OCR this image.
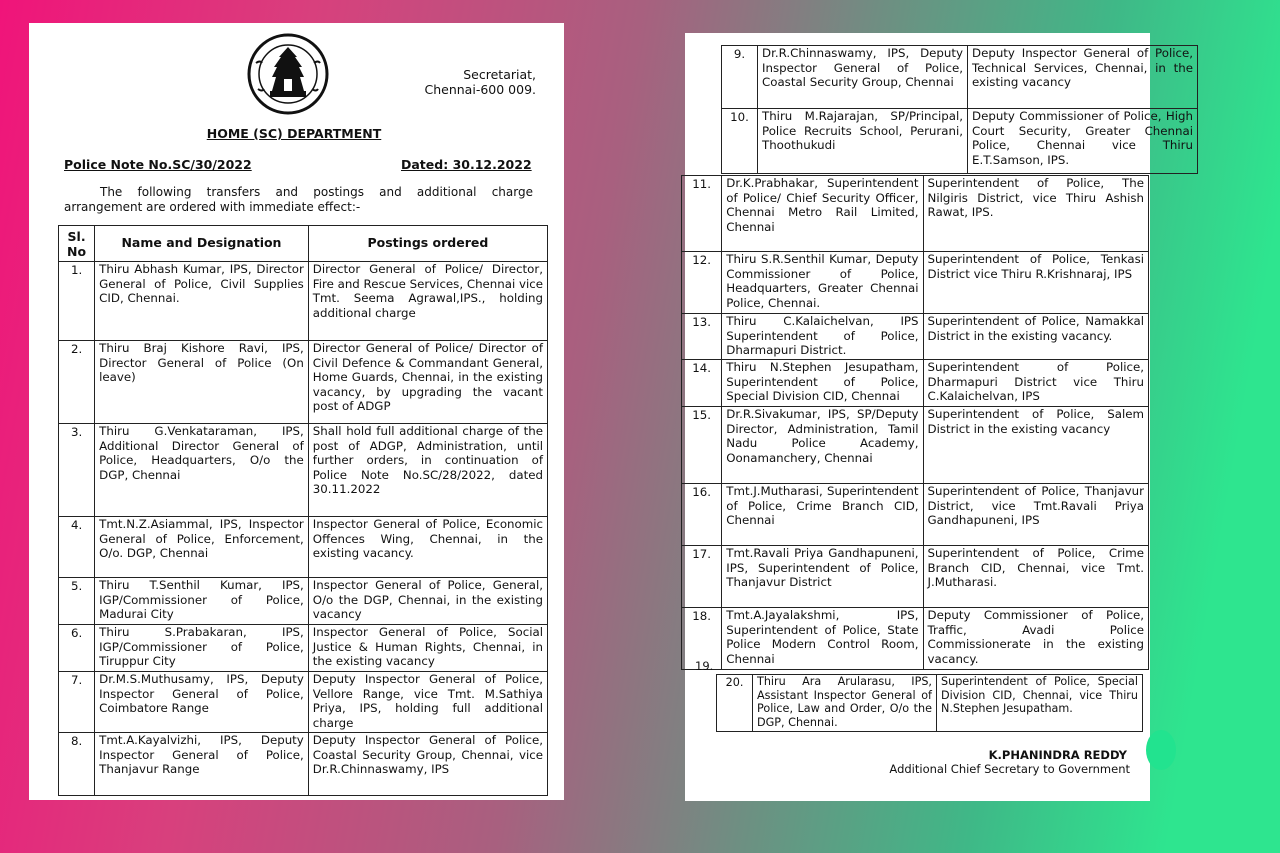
Secretariat,
Chennai-600 009.
HOME (SC) DEPARTMENT
Police Note No.SC/30/2022	Dated: 30.12.2022
The following transfers and postings and additional charge arrangement are ordered with immediate effect:-
Sl. No	Name and Designation	Postings ordered
1.	Thiru Abhash Kumar, IPS, Director General of Police, Civil Supplies CID, Chennai.	Director General of Police/ Director, Fire and Rescue Services, Chennai vice Tmt. Seema Agrawal,IPS., holding additional charge
2.	Thiru Braj Kishore Ravi, IPS, Director General of Police (On leave)	Director General of Police/ Director of Civil Defence & Commandant General, Home Guards, Chennai, in the existing vacancy, by upgrading the vacant post of ADGP
3.	Thiru G.Venkataraman, IPS, Additional Director General of Police, Headquarters, O/o the DGP, Chennai	Shall hold full additional charge of the post of ADGP, Administration, until further orders, in continuation of Police Note No.SC/28/2022, dated 30.11.2022
4.	Tmt.N.Z.Asiammal, IPS, Inspector General of Police, Enforcement, O/o. DGP, Chennai	Inspector General of Police, Economic Offences Wing, Chennai, in the existing vacancy.
5.	Thiru T.Senthil Kumar, IPS, IGP/Commissioner of Police, Madurai City	Inspector General of Police, General, O/o the DGP, Chennai, in the existing vacancy
6.	Thiru S.Prabakaran, IPS, IGP/Commissioner of Police, Tiruppur City	Inspector General of Police, Social Justice & Human Rights, Chennai, in the existing vacancy
7.	Dr.M.S.Muthusamy, IPS, Deputy Inspector General of Police, Coimbatore Range	Deputy Inspector General of Police, Vellore Range, vice Tmt. M.Sathiya Priya, IPS, holding full additional charge
8.	Tmt.A.Kayalvizhi, IPS, Deputy Inspector General of Police, Thanjavur Range	Deputy Inspector General of Police, Coastal Security Group, Chennai, vice Dr.R.Chinnaswamy, IPS
9.	Dr.R.Chinnaswamy, IPS, Deputy Inspector General of Police, Coastal Security Group, Chennai	Deputy Inspector General of Police, Technical Services, Chennai, in the existing vacancy
10.	Thiru M.Rajarajan, SP/Principal, Police Recruits School, Perurani, Thoothukudi	Deputy Commissioner of Police, High Court Security, Greater Chennai Police, Chennai vice Thiru E.T.Samson, IPS.
11.	Dr.K.Prabhakar, Superintendent of Police/ Chief Security Officer, Chennai Metro Rail Limited, Chennai	Superintendent of Police, The Nilgiris District, vice Thiru Ashish Rawat, IPS.
12.	Thiru S.R.Senthil Kumar, Deputy Commissioner of Police, Headquarters, Greater Chennai Police, Chennai.	Superintendent of Police, Tenkasi District vice Thiru R.Krishnaraj, IPS
13.	Thiru C.Kalaichelvan, IPS Superintendent of Police, Dharmapuri District.	Superintendent of Police, Namakkal District in the existing vacancy.
14.	Thiru N.Stephen Jesupatham, Superintendent of Police, Special Division CID, Chennai	Superintendent of Police, Dharmapuri District vice Thiru C.Kalaichelvan, IPS
15.	Dr.R.Sivakumar, IPS, SP/Deputy Director, Administration, Tamil Nadu Police Academy, Oonamanchery, Chennai	Superintendent of Police, Salem District in the existing vacancy
16.	Tmt.J.Mutharasi, Superintendent of Police, Crime Branch CID, Chennai	Superintendent of Police, Thanjavur District, vice Tmt.Ravali Priya Gandhapuneni, IPS
17.	Tmt.Ravali Priya Gandhapuneni, IPS, Superintendent of Police, Thanjavur District	Superintendent of Police, Crime Branch CID, Chennai, vice Tmt. J.Mutharasi.
18.	Tmt.A.Jayalakshmi, IPS, Superintendent of Police, State Police Modern Control Room, Chennai	Deputy Commissioner of Police, Traffic, Avadi Police Commissionerate in the existing vacancy.
19.
20.	Thiru Ara Arularasu, IPS, Assistant Inspector General of Police, Law and Order, O/o the DGP, Chennai.	Superintendent of Police, Special Division CID, Chennai, vice Thiru N.Stephen Jesupatham.
K.PHANINDRA REDDY
Additional Chief Secretary to Government
